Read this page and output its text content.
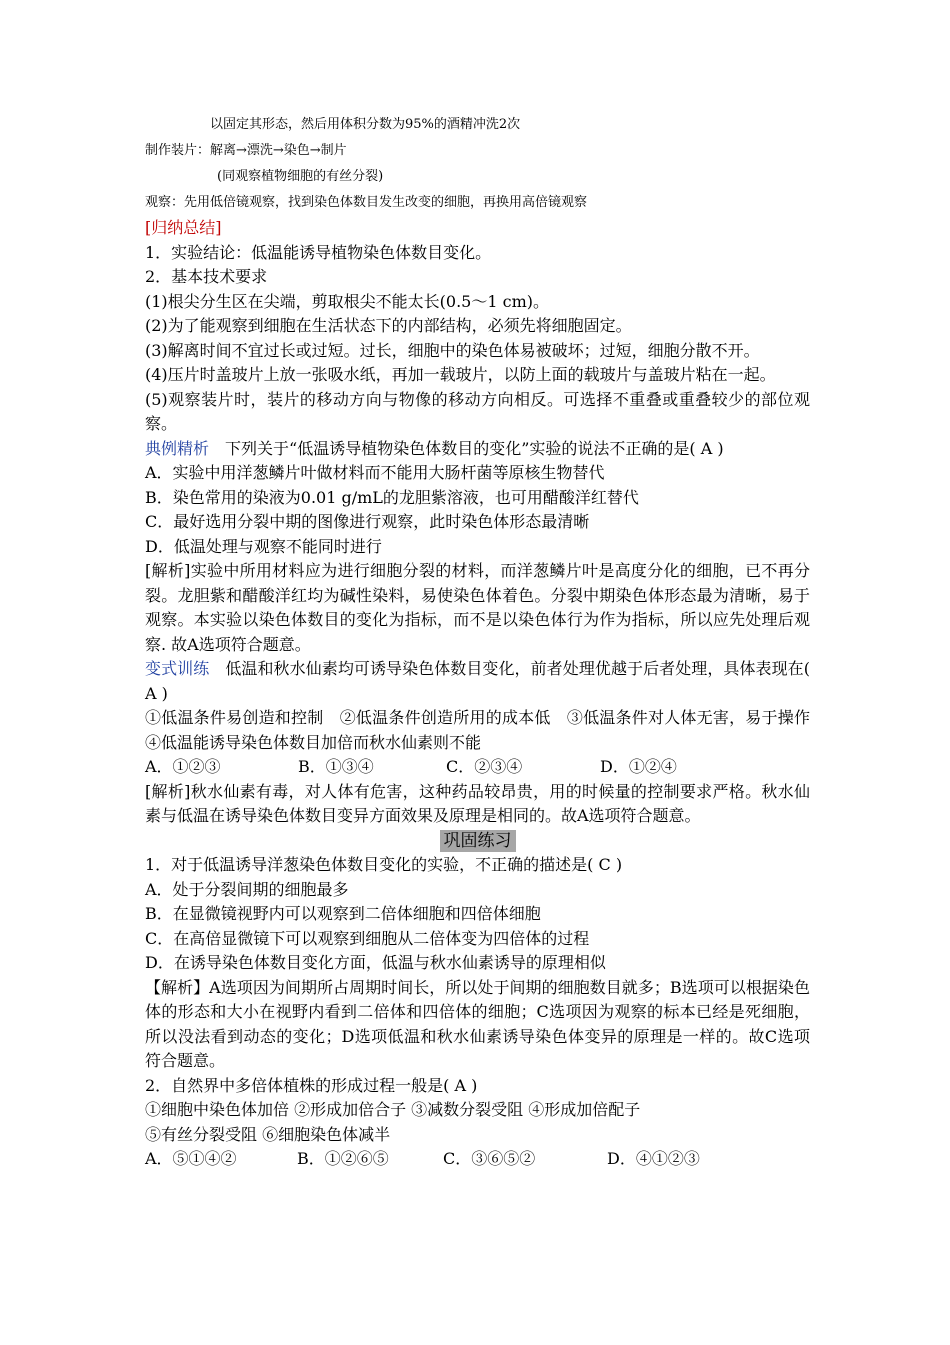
以固定其形态，然后用体积分数为95%的酒精冲洗2次
制作装片：解离→漂洗→染色→制片
(同观察植物细胞的有丝分裂)
观察：先用低倍镜观察，找到染色体数目发生改变的细胞，再换用高倍镜观察
[归纳总结]
1．实验结论：低温能诱导植物染色体数目变化。
2．基本技术要求
(1)根尖分生区在尖端，剪取根尖不能太长(0.5～1 cm)。
(2)为了能观察到细胞在生活状态下的内部结构，必须先将细胞固定。
(3)解离时间不宜过长或过短。过长，细胞中的染色体易被破坏；过短，细胞分散不开。
(4)压片时盖玻片上放一张吸水纸，再加一载玻片，以防上面的载玻片与盖玻片粘在一起。
(5)观察装片时，装片的移动方向与物像的移动方向相反。可选择不重叠或重叠较少的部位观察。
典例精析　下列关于“低温诱导植物染色体数目的变化”实验的说法不正确的是( A )
A．实验中用洋葱鳞片叶做材料而不能用大肠杆菌等原核生物替代
B．染色常用的染液为0.01 g/mL的龙胆紫溶液，也可用醋酸洋红替代
C．最好选用分裂中期的图像进行观察，此时染色体形态最清晰
D．低温处理与观察不能同时进行
[解析]实验中所用材料应为进行细胞分裂的材料，而洋葱鳞片叶是高度分化的细胞，已不再分裂。龙胆紫和醋酸洋红均为碱性染料，易使染色体着色。分裂中期染色体形态最为清晰，易于观察。本实验以染色体数目的变化为指标，而不是以染色体行为作为指标，所以应先处理后观察. 故A选项符合题意。
变式训练　低温和秋水仙素均可诱导染色体数目变化，前者处理优越于后者处理，具体表现在( A )
①低温条件易创造和控制　②低温条件创造所用的成本低　③低温条件对人体无害，易于操作 ④低温能诱导染色体数目加倍而秋水仙素则不能
A．①②③	B．①③④	C．②③④	D．①②④
[解析]秋水仙素有毒，对人体有危害，这种药品较昂贵，用的时候量的控制要求严格。秋水仙素与低温在诱导染色体数目变异方面效果及原理是相同的。故A选项符合题意。
巩固练习
1．对于低温诱导洋葱染色体数目变化的实验，不正确的描述是( C )
A．处于分裂间期的细胞最多
B．在显微镜视野内可以观察到二倍体细胞和四倍体细胞
C．在高倍显微镜下可以观察到细胞从二倍体变为四倍体的过程
D．在诱导染色体数目变化方面，低温与秋水仙素诱导的原理相似
【解析】A选项因为间期所占周期时间长，所以处于间期的细胞数目就多；B选项可以根据染色体的形态和大小在视野内看到二倍体和四倍体的细胞；C选项因为观察的标本已经是死细胞，所以没法看到动态的变化；D选项低温和秋水仙素诱导染色体变异的原理是一样的。故C选项符合题意。
2．自然界中多倍体植株的形成过程一般是( A )
①细胞中染色体加倍 ②形成加倍合子 ③减数分裂受阻 ④形成加倍配子
⑤有丝分裂受阻 ⑥细胞染色体减半
A．⑤①④②	B．①②⑥⑤	C．③⑥⑤②	D．④①②③
